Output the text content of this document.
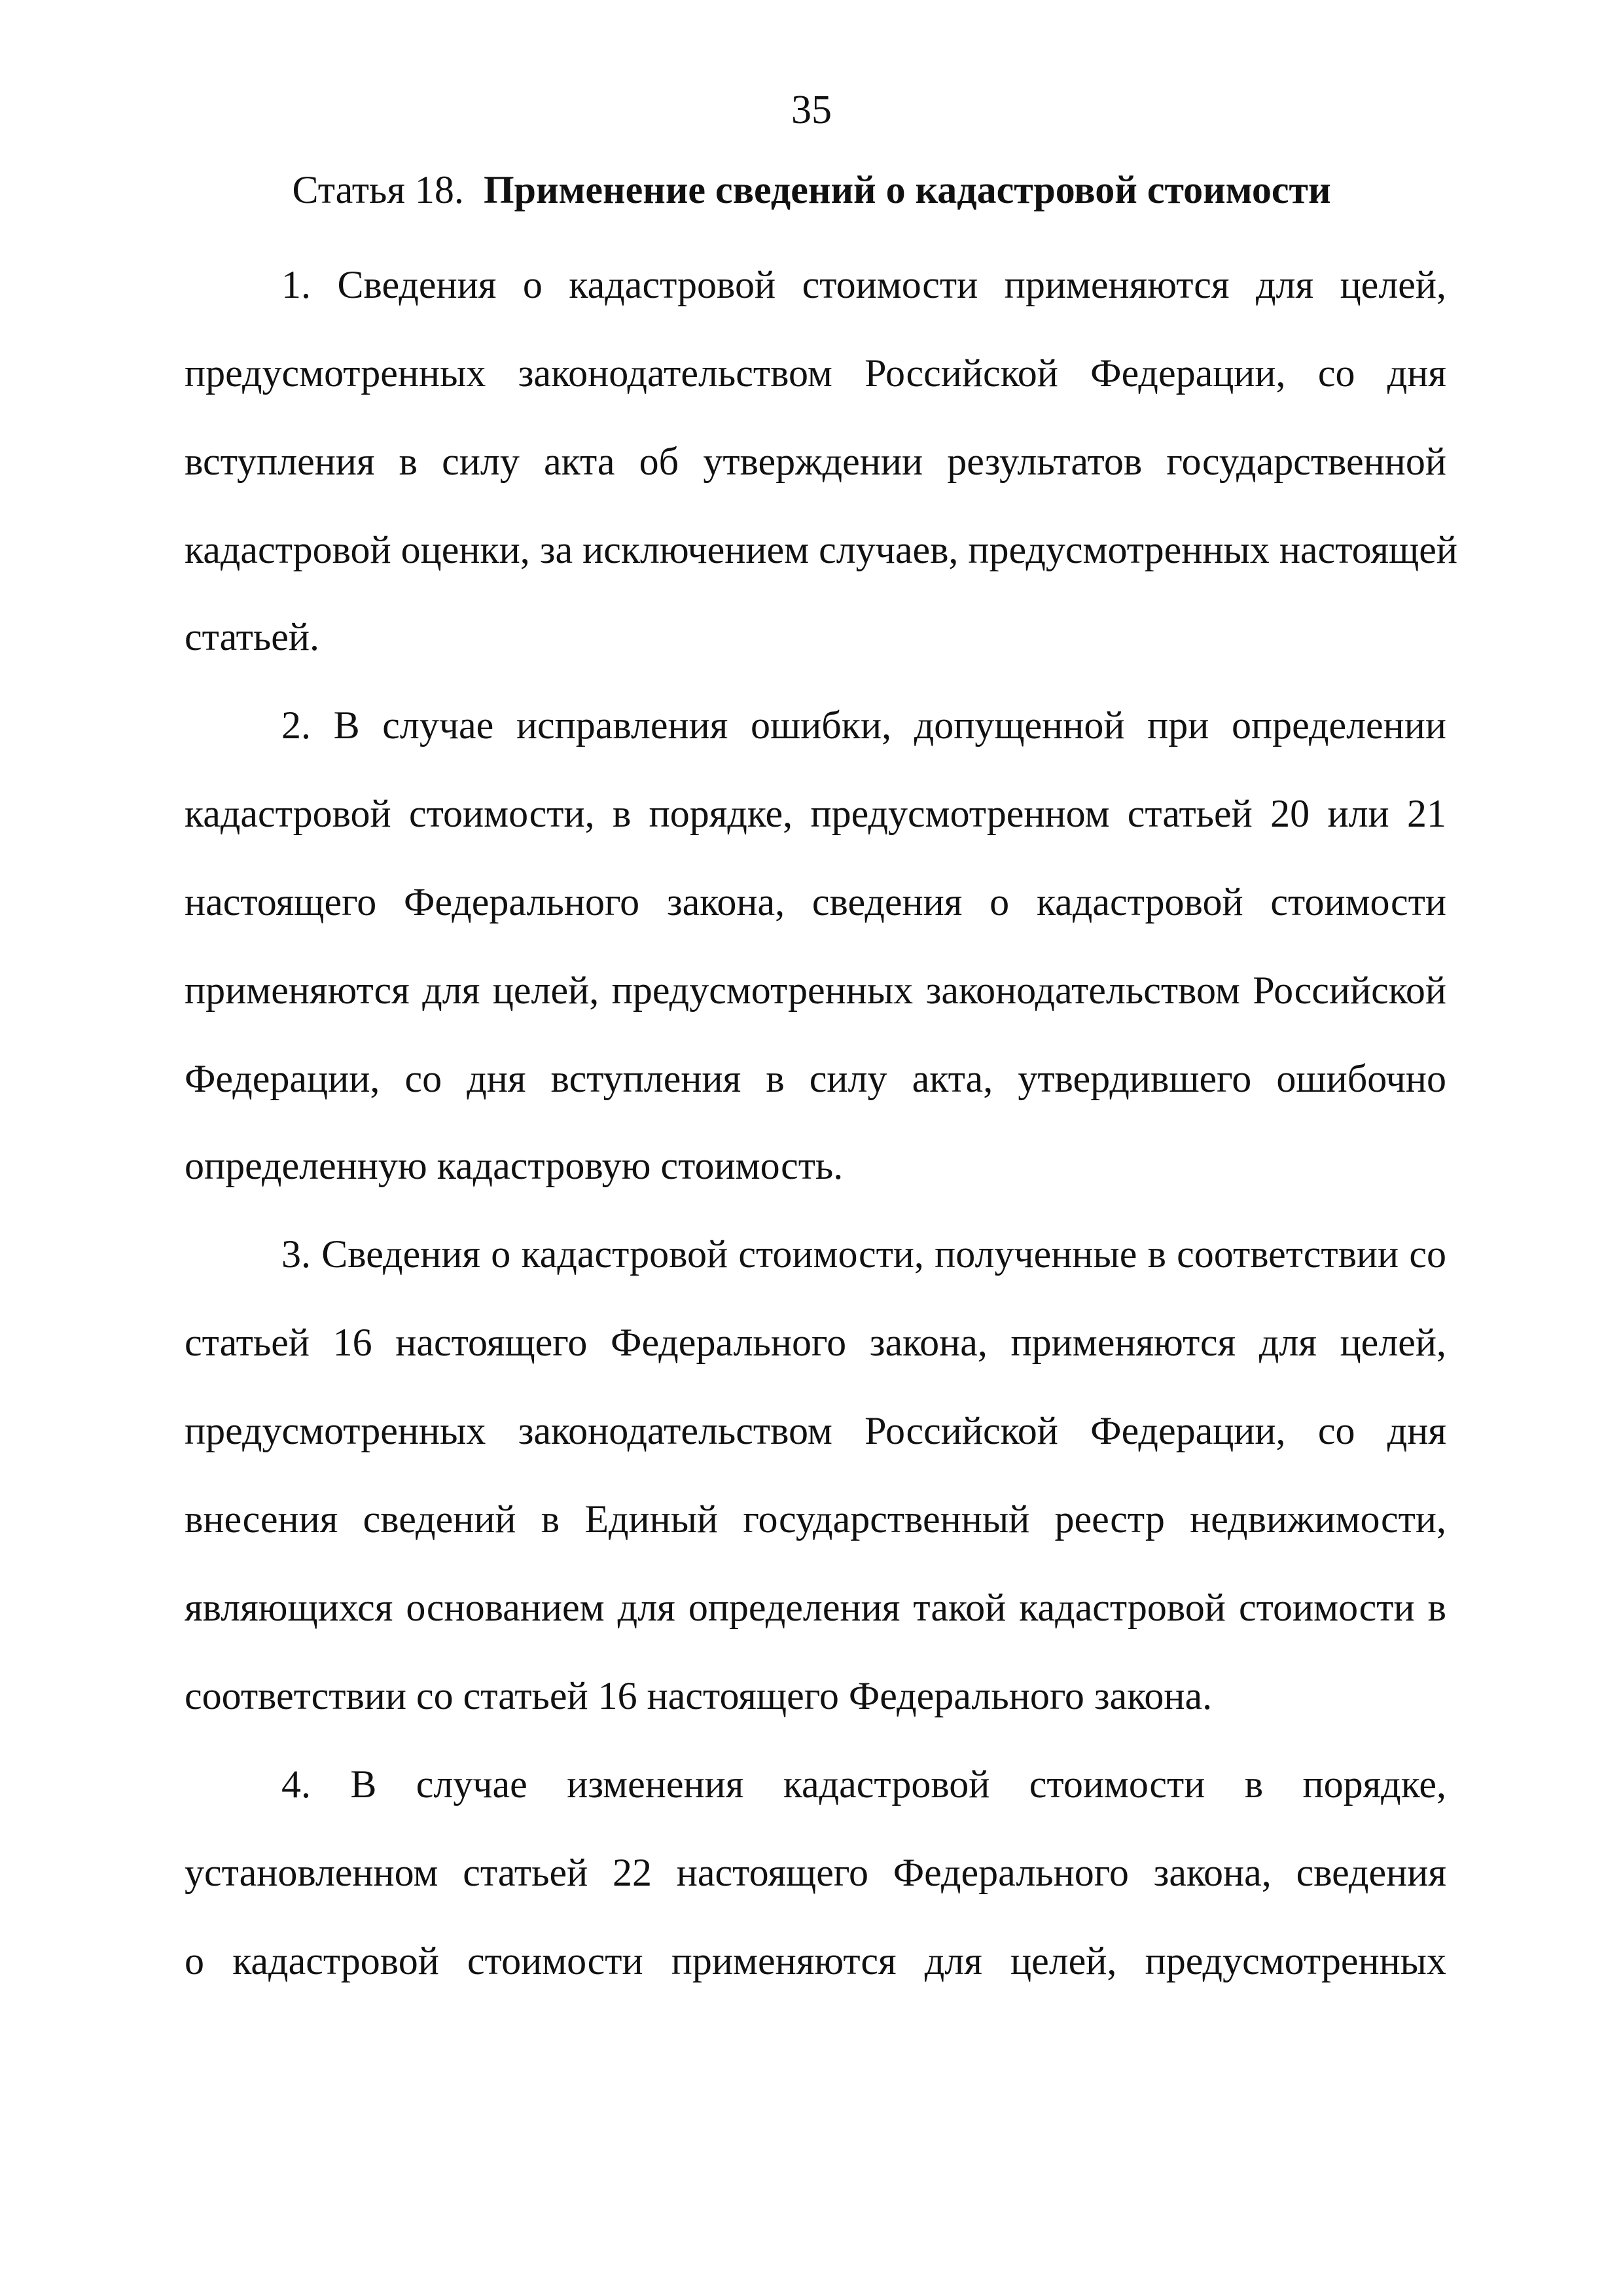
35
Статья 18. Применение сведений о кадастровой стоимости
1. Сведения о кадастровой стоимости применяются для целей,
предусмотренных законодательством Российской Федерации, со дня
вступления в силу акта об утверждении результатов государственной
кадастровой оценки, за исключением случаев, предусмотренных настоящей
статьей.
2. В случае исправления ошибки, допущенной при определении
кадастровой стоимости, в порядке, предусмотренном статьей 20 или 21
настоящего Федерального закона, сведения о кадастровой стоимости
применяются для целей, предусмотренных законодательством Российской
Федерации, со дня вступления в силу акта, утвердившего ошибочно
определенную кадастровую стоимость.
3. Сведения о кадастровой стоимости, полученные в соответствии со
статьей 16 настоящего Федерального закона, применяются для целей,
предусмотренных законодательством Российской Федерации, со дня
внесения сведений в Единый государственный реестр недвижимости,
являющихся основанием для определения такой кадастровой стоимости в
соответствии со статьей 16 настоящего Федерального закона.
4. В случае изменения кадастровой стоимости в порядке,
установленном статьей 22 настоящего Федерального закона, сведения
о кадастровой стоимости применяются для целей, предусмотренных
